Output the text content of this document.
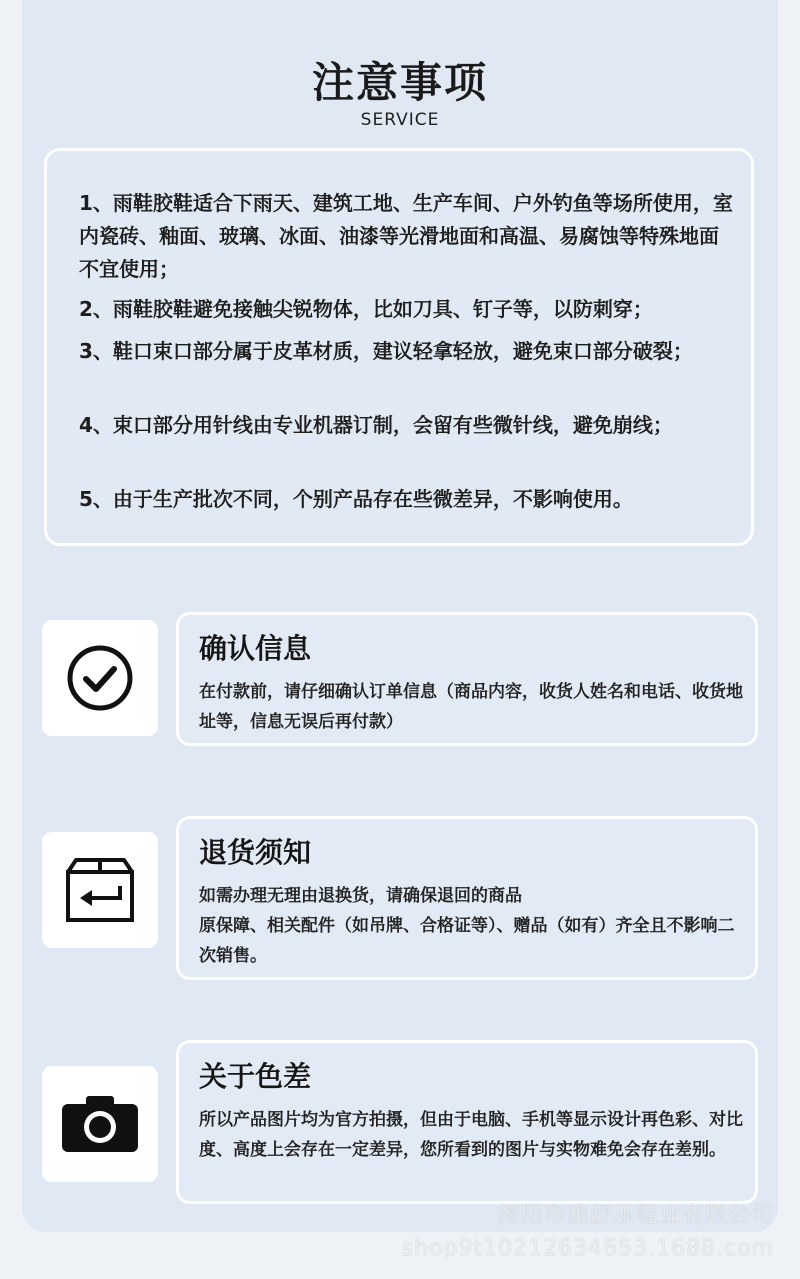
注意事项
SERVICE
1、雨鞋胶鞋适合下雨天、建筑工地、生产车间、户外钓鱼等场所使用，室内瓷砖、釉面、玻璃、冰面、油漆等光滑地面和高温、易腐蚀等特殊地面不宜使用；
2、雨鞋胶鞋避免接触尖锐物体，比如刀具、钉子等，以防刺穿；
3、鞋口束口部分属于皮革材质，建议轻拿轻放，避免束口部分破裂；
4、束口部分用针线由专业机器订制，会留有些微针线，避免崩线；
5、由于生产批次不同，个别产品存在些微差异，不影响使用。
确认信息
在付款前，请仔细确认订单信息（商品内容，收货人姓名和电话、收货地址等，信息无误后再付款）
退货须知
如需办理无理由退换货，请确保退回的商品
原保障、相关配件（如吊牌、合格证等）、赠品（如有）齐全且不影响二次销售。
关于色差
所以产品图片均为官方拍摄，但由于电脑、手机等显示设计再色彩、对比度、高度上会存在一定差异，您所看到的图片与实物难免会存在差别。
揭阳市雅舒乐鞋业有限公司
shop9t10212634653.1688.com
